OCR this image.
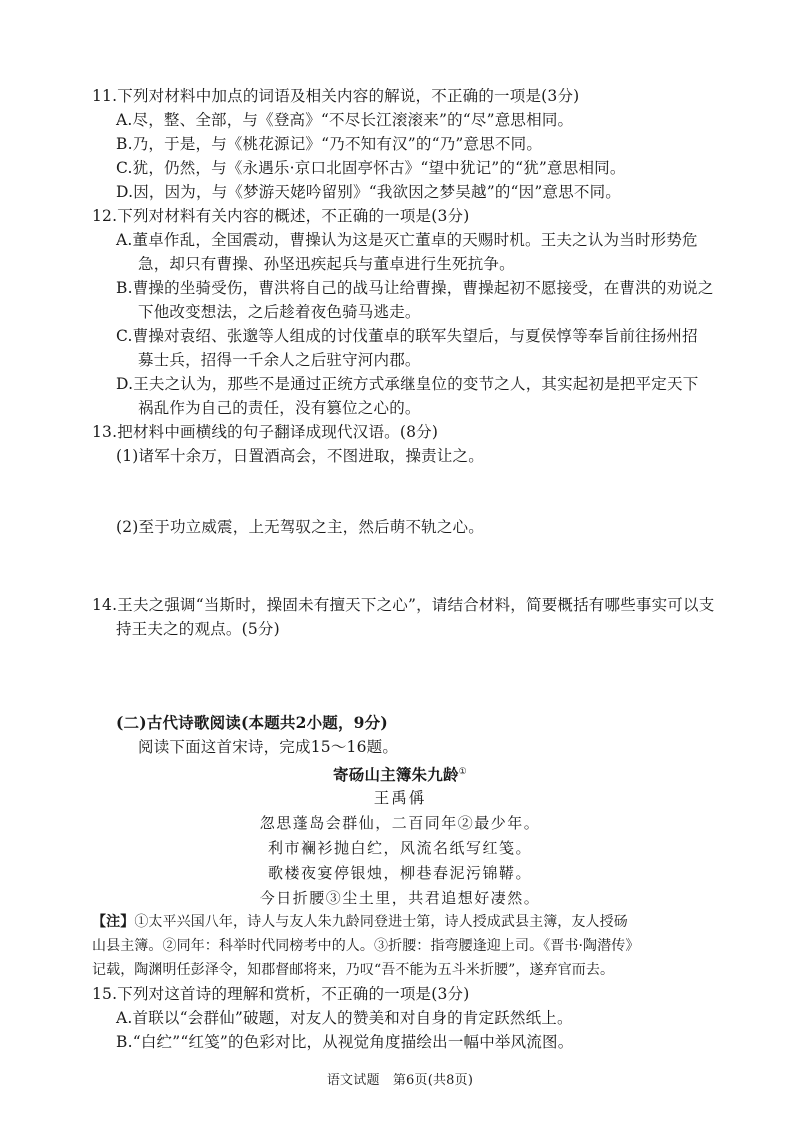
11.下列对材料中加点的词语及相关内容的解说，不正确的一项是(3分)
A.尽，整、全部，与《登高》“不尽长江滚滚来”的“尽”意思相同。
B.乃，于是，与《桃花源记》“乃不知有汉”的“乃”意思不同。
C.犹，仍然，与《永遇乐·京口北固亭怀古》“望中犹记”的“犹”意思相同。
D.因，因为，与《梦游天姥吟留别》“我欲因之梦吴越”的“因”意思不同。
12.下列对材料有关内容的概述，不正确的一项是(3分)
A.董卓作乱，全国震动，曹操认为这是灭亡董卓的天赐时机。王夫之认为当时形势危
急，却只有曹操、孙坚迅疾起兵与董卓进行生死抗争。
B.曹操的坐骑受伤，曹洪将自己的战马让给曹操，曹操起初不愿接受，在曹洪的劝说之
下他改变想法，之后趁着夜色骑马逃走。
C.曹操对袁绍、张邈等人组成的讨伐董卓的联军失望后，与夏侯惇等奉旨前往扬州招
募士兵，招得一千余人之后驻守河内郡。
D.王夫之认为，那些不是通过正统方式承继皇位的变节之人，其实起初是把平定天下
祸乱作为自己的责任，没有篡位之心的。
13.把材料中画横线的句子翻译成现代汉语。(8分)
(1)诸军十余万，日置酒高会，不图进取，操责让之。
(2)至于功立威震，上无驾驭之主，然后萌不轨之心。
14.王夫之强调“当斯时，操固未有擅天下之心”，请结合材料，简要概括有哪些事实可以支
持王夫之的观点。(5分)
(二)古代诗歌阅读(本题共2小题，9分)
阅读下面这首宋诗，完成15～16题。
寄砀山主簿朱九龄①
王禹偁
忽思蓬岛会群仙，二百同年②最少年。
利市襕衫抛白纻，风流名纸写红笺。
歌楼夜宴停银烛，柳巷春泥污锦鞯。
今日折腰③尘土里，共君追想好凄然。
【注】①太平兴国八年，诗人与友人朱九龄同登进士第，诗人授成武县主簿，友人授砀
山县主簿。②同年：科举时代同榜考中的人。③折腰：指弯腰逢迎上司。《晋书·陶潜传》
记载，陶渊明任彭泽令，知郡督邮将来，乃叹“吾不能为五斗米折腰”，遂弃官而去。
15.下列对这首诗的理解和赏析，不正确的一项是(3分)
A.首联以“会群仙”破题，对友人的赞美和对自身的肯定跃然纸上。
B.“白纻”“红笺”的色彩对比，从视觉角度描绘出一幅中举风流图。
语文试题　第6页(共8页)
